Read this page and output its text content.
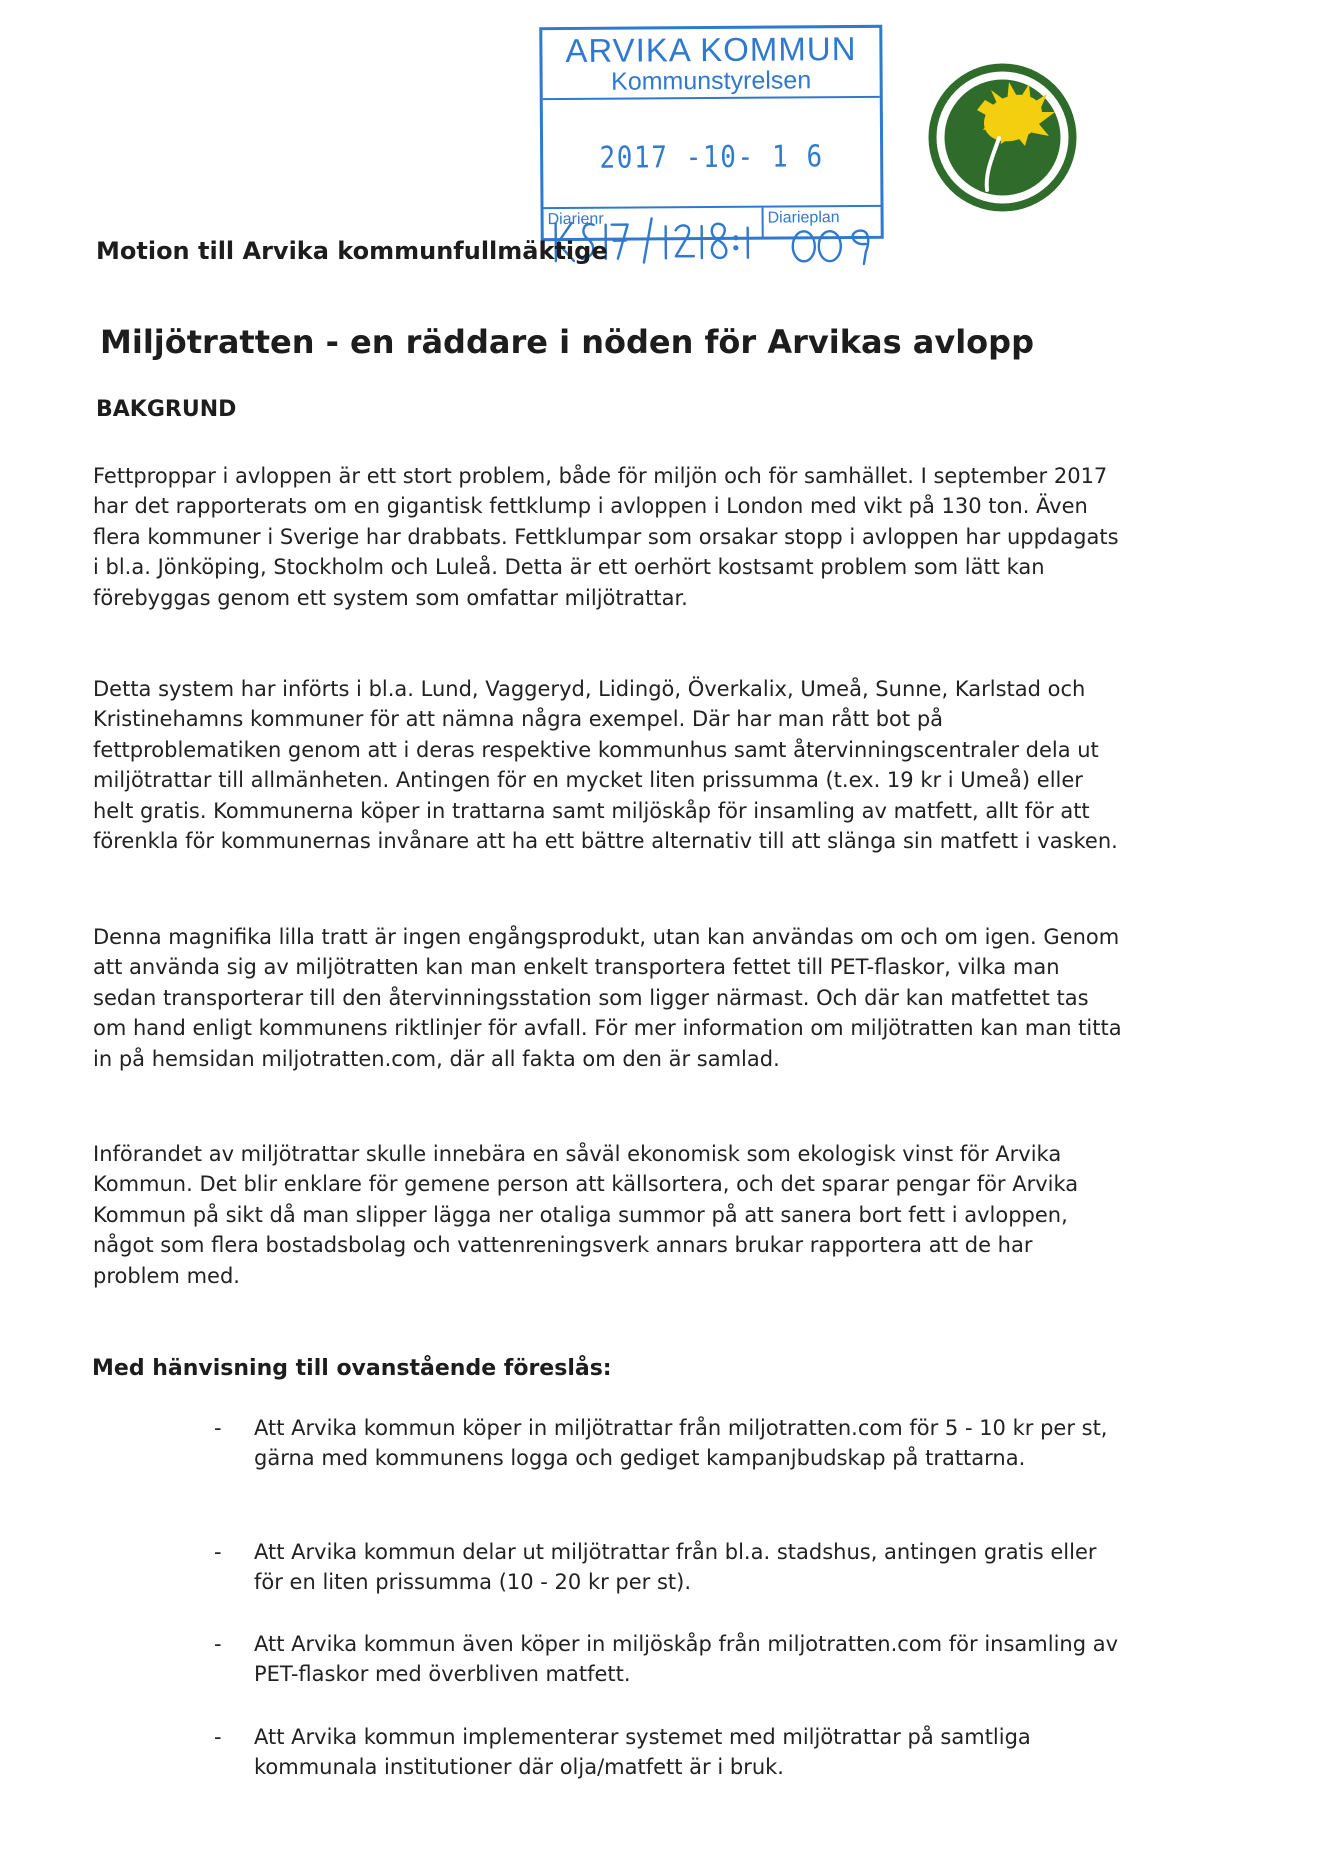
ARVIKA KOMMUN
Kommunstyrelsen
2017 -10- 1 6
Diarienr	Diarieplan
Motion till Arvika kommunfullmäktige
Miljötratten - en räddare i nöden för Arvikas avlopp
BAKGRUND

Fettproppar i avloppen är ett stort problem, både för miljön och för samhället. I september 2017 har det rapporterats om en gigantisk fettklump i avloppen i London med vikt på 130 ton. Även flera kommuner i Sverige har drabbats. Fettklumpar som orsakar stopp i avloppen har uppdagats i bl.a. Jönköping, Stockholm och Luleå. Detta är ett oerhört kostsamt problem som lätt kan förebyggas genom ett system som omfattar miljötrattar.

Detta system har införts i bl.a. Lund, Vaggeryd, Lidingö, Överkalix, Umeå, Sunne, Karlstad och Kristinehamns kommuner för att nämna några exempel. Där har man rått bot på fettproblematiken genom att i deras respektive kommunhus samt återvinningscentraler dela ut miljötrattar till allmänheten. Antingen för en mycket liten prissumma (t.ex. 19 kr i Umeå) eller helt gratis. Kommunerna köper in trattarna samt miljöskåp för insamling av matfett, allt för att förenkla för kommunernas invånare att ha ett bättre alternativ till att slänga sin matfett i vasken.

Denna magnifika lilla tratt är ingen engångsprodukt, utan kan användas om och om igen. Genom att använda sig av miljötratten kan man enkelt transportera fettet till PET-flaskor, vilka man sedan transporterar till den återvinningsstation som ligger närmast. Och där kan matfettet tas om hand enligt kommunens riktlinjer för avfall. För mer information om miljötratten kan man titta in på hemsidan miljotratten.com, där all fakta om den är samlad.

Införandet av miljötrattar skulle innebära en såväl ekonomisk som ekologisk vinst för Arvika Kommun. Det blir enklare för gemene person att källsortera, och det sparar pengar för Arvika Kommun på sikt då man slipper lägga ner otaliga summor på att sanera bort fett i avloppen, något som flera bostadsbolag och vattenreningsverk annars brukar rapportera att de har problem med.

Med hänvisning till ovanstående föreslås:
- Att Arvika kommun köper in miljötrattar från miljotratten.com för 5 - 10 kr per st, gärna med kommunens logga och gediget kampanjbudskap på trattarna.

- Att Arvika kommun delar ut miljötrattar från bl.a. stadshus, antingen gratis eller för en liten prissumma (10 - 20 kr per st).

- Att Arvika kommun även köper in miljöskåp från miljotratten.com för insamling av PET-flaskor med överbliven matfett.

- Att Arvika kommun implementerar systemet med miljötrattar på samtliga kommunala institutioner där olja/matfett är i bruk.
